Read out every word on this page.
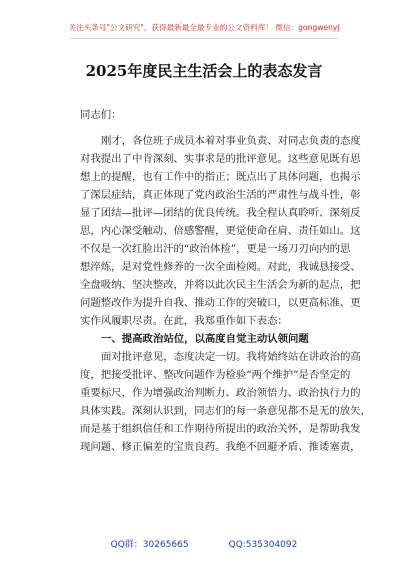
关注头条号"公文研究"，获得最新最全最专业的公文资料库！ 微信：gongwenyj
2025年度民主生活会上的表态发言

同志们：

刚才，各位班子成员本着对事业负责、对同志负责的态度

对我提出了中肯深刻、实事求是的批评意见。这些意见既有思

想上的提醒，也有工作中的指正；既点出了具体问题，也揭示

了深层症结，真正体现了党内政治生活的严肃性与战斗性，彰

显了团结—批评—团结的优良传统。我全程认真聆听、深刻反

思，内心深受触动、倍感警醒，更觉使命在肩、责任如山。这

不仅是一次红脸出汗的“政治体检”，更是一场刀刃向内的思

想淬炼，是对党性修养的一次全面检阅。对此，我诚恳接受、

全盘吸纳、坚决整改，并将以此次民主生活会为新的起点，把

问题整改作为提升自我、推动工作的突破口，以更高标准、更

实作风履职尽责。在此，我郑重作如下表态：

一、提高政治站位，以高度自觉主动认领问题

面对批评意见，态度决定一切。我将始终站在讲政治的高

度，把接受批评、整改问题作为检验“两个维护”是否坚定的

重要标尺，作为增强政治判断力、政治领悟力、政治执行力的

具体实践。深刻认识到，同志们的每一条意见都不是无的放矢，

而是基于组织信任和工作期待所提出的政治关怀，是帮助我发

现问题、修正偏差的宝贵良药。我绝不回避矛盾、推诿塞责，

QQ群：30265665	QQ:535304092
